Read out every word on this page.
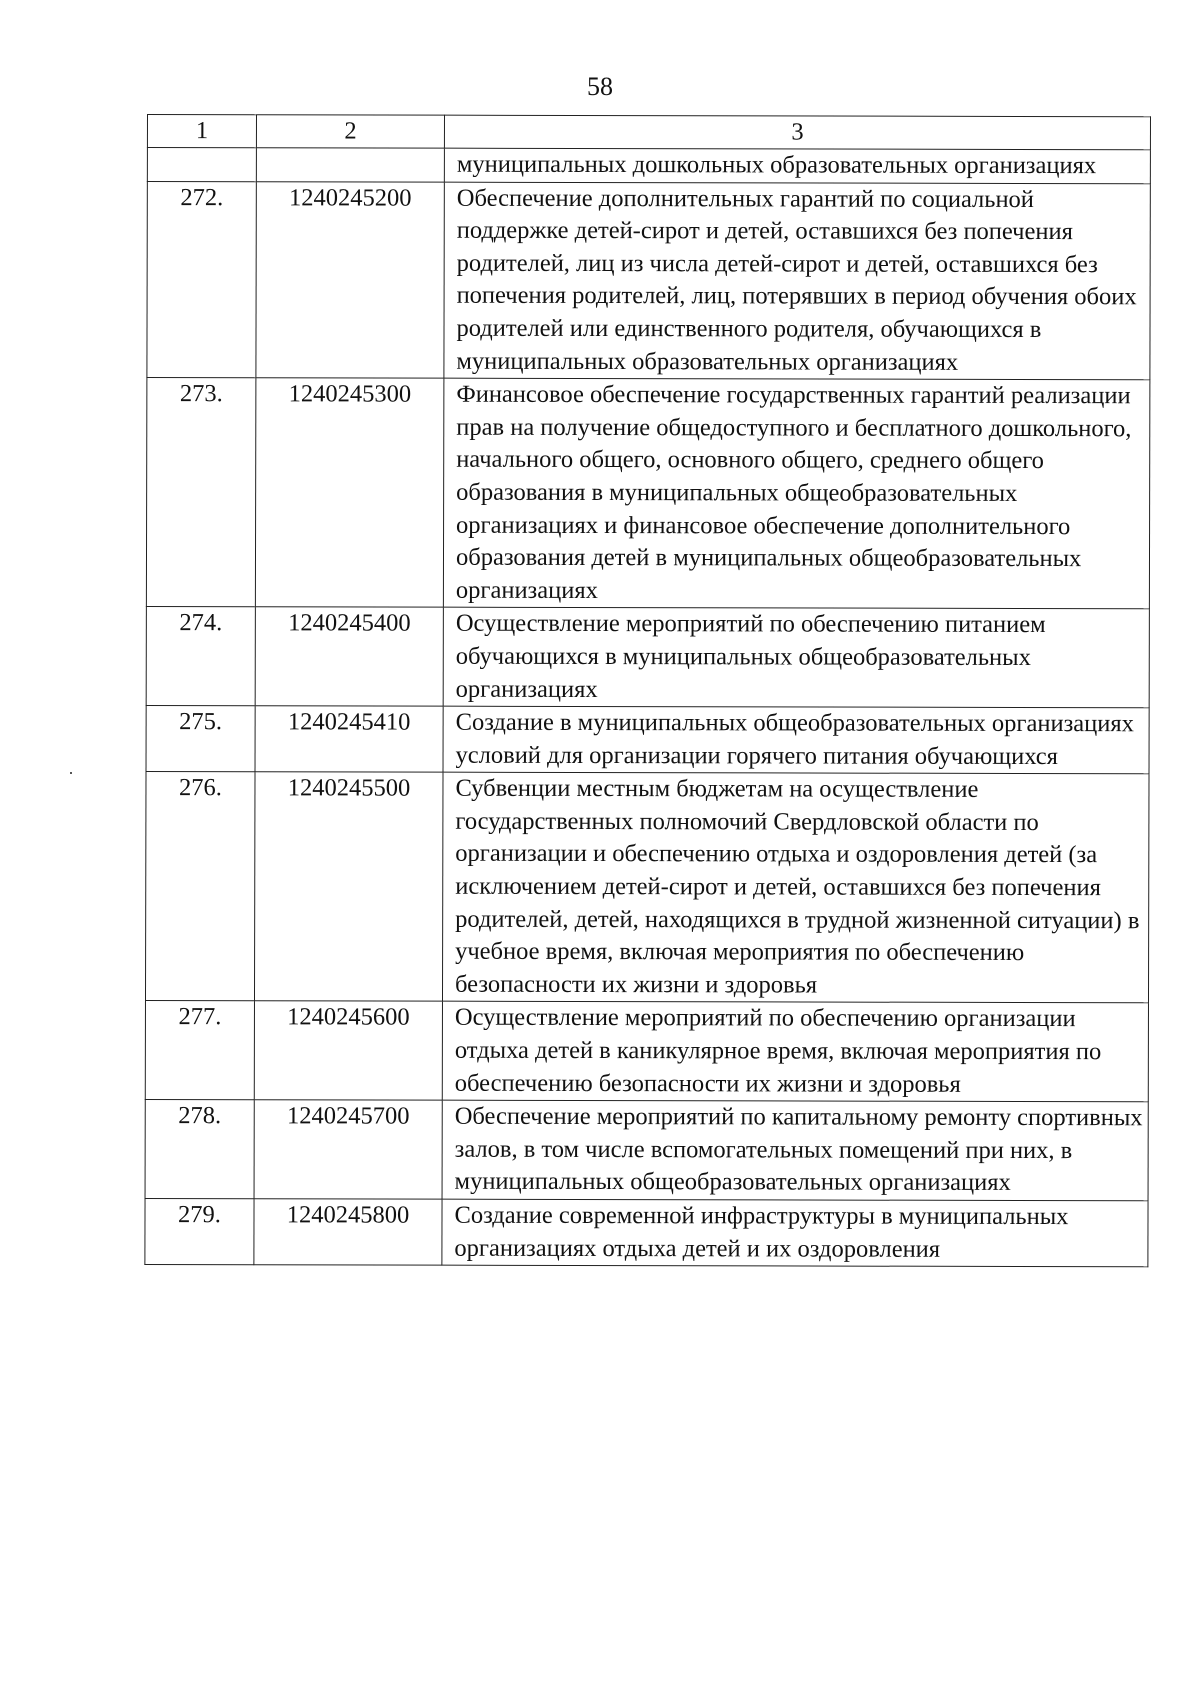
58
1	2	3
		муниципальных дошкольных образовательных организациях
272.	1240245200	Обеспечение дополнительных гарантий по социальной поддержке детей-сирот и детей, оставшихся без попечения родителей, лиц из числа детей-сирот и детей, оставшихся без попечения родителей, лиц, потерявших в период обучения обоих родителей или единственного родителя, обучающихся в муниципальных образовательных организациях
273.	1240245300	Финансовое обеспечение государственных гарантий реализации прав на получение общедоступного и бесплатного дошкольного, начального общего, основного общего, среднего общего образования в муниципальных общеобразовательных организациях и финансовое обеспечение дополнительного образования детей в муниципальных общеобразовательных организациях
274.	1240245400	Осуществление мероприятий по обеспечению питанием обучающихся в муниципальных общеобразовательных организациях
275.	1240245410	Создание в муниципальных общеобразовательных организациях условий для организации горячего питания обучающихся
276.	1240245500	Субвенции местным бюджетам на осуществление государственных полномочий Свердловской области по организации и обеспечению отдыха и оздоровления детей (за исключением детей-сирот и детей, оставшихся без попечения родителей, детей, находящихся в трудной жизненной ситуации) в учебное время, включая мероприятия по обеспечению безопасности их жизни и здоровья
277.	1240245600	Осуществление мероприятий по обеспечению организации отдыха детей в каникулярное время, включая мероприятия по обеспечению безопасности их жизни и здоровья
278.	1240245700	Обеспечение мероприятий по капитальному ремонту спортивных залов, в том числе вспомогательных помещений при них, в муниципальных общеобразовательных организациях
279.	1240245800	Создание современной инфраструктуры в муниципальных организациях отдыха детей и их оздоровления
